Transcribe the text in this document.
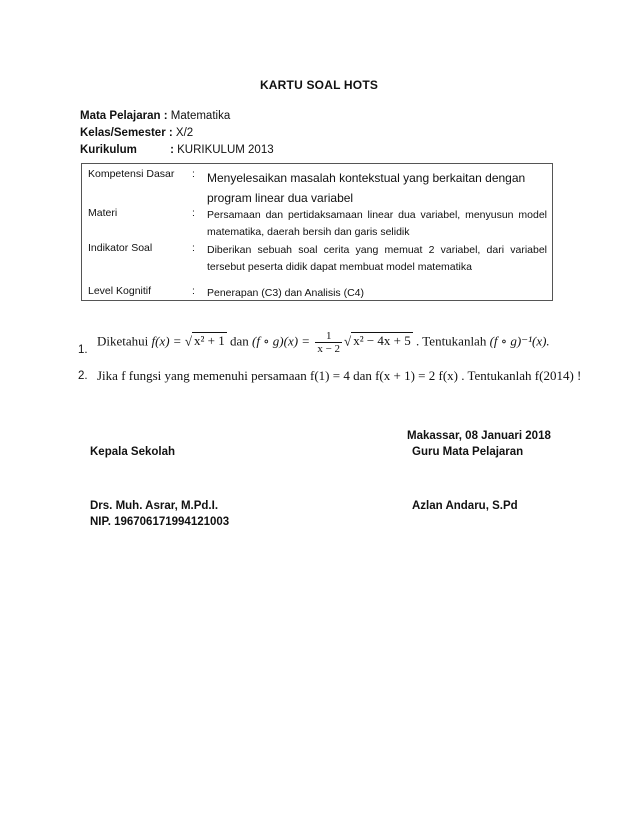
KARTU SOAL HOTS
Mata Pelajaran : Matematika
Kelas/Semester : X/2
Kurikulum	: KURIKULUM 2013
Kompetensi Dasar : Menyelesaikan masalah kontekstual yang berkaitan dengan program linear dua variabel
Materi	: Persamaan dan pertidaksamaan linear dua variabel, menyusun model matematika, daerah bersih dan garis selidik
Indikator Soal	: Diberikan sebuah soal cerita yang memuat 2 variabel, dari variabel tersebut peserta didik dapat membuat model matematika
Level Kognitif	: Penerapan (C3) dan Analisis (C4)
1.
Diketahui f(x) = √ x² + 1 dan (f ∘ $g)(x) = \frac{1}{x - 2}$ √ x² − 4x + 5 . Tentukanlah (f ∘ g)⁻¹(x).
2. Jika f fungsi yang memenuhi persamaan f(1) = 4 dan f(x + 1) = 2 f(x) . Tentukanlah f(2014) !
Makassar, 08 Januari 2018
Kepala Sekolah	Guru Mata Pelajaran
Drs. Muh. Asrar, M.Pd.I.	Azlan Andaru, S.Pd
NIP. 196706171994121003
